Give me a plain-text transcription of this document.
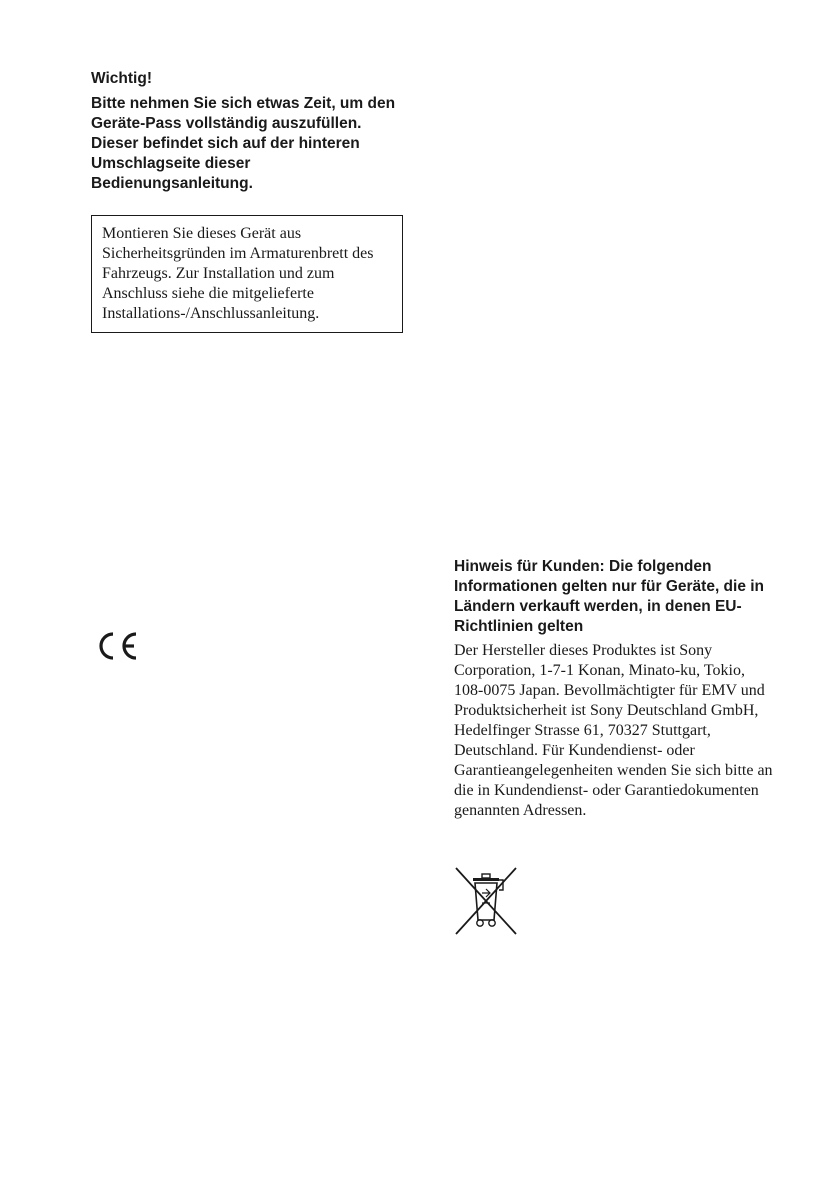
Wichtig!

Bitte nehmen Sie sich etwas Zeit, um den Geräte-Pass vollständig auszufüllen. Dieser befindet sich auf der hinteren Umschlagseite dieser Bedienungsanleitung.

Montieren Sie dieses Gerät aus Sicherheitsgründen im Armaturenbrett des Fahrzeugs. Zur Installation und zum Anschluss siehe die mitgelieferte Installations-/Anschlussanleitung.
Hinweis für Kunden: Die folgenden Informationen gelten nur für Geräte, die in Ländern verkauft werden, in denen EU-Richtlinien gelten

Der Hersteller dieses Produktes ist Sony Corporation, 1-7-1 Konan, Minato-ku, Tokio, 108-0075 Japan. Bevollmächtigter für EMV und Produktsicherheit ist Sony Deutschland GmbH, Hedelfinger Strasse 61, 70327 Stuttgart, Deutschland. Für Kundendienst- oder Garantieangelegenheiten wenden Sie sich bitte an die in Kundendienst- oder Garantiedokumenten genannten Adressen.
